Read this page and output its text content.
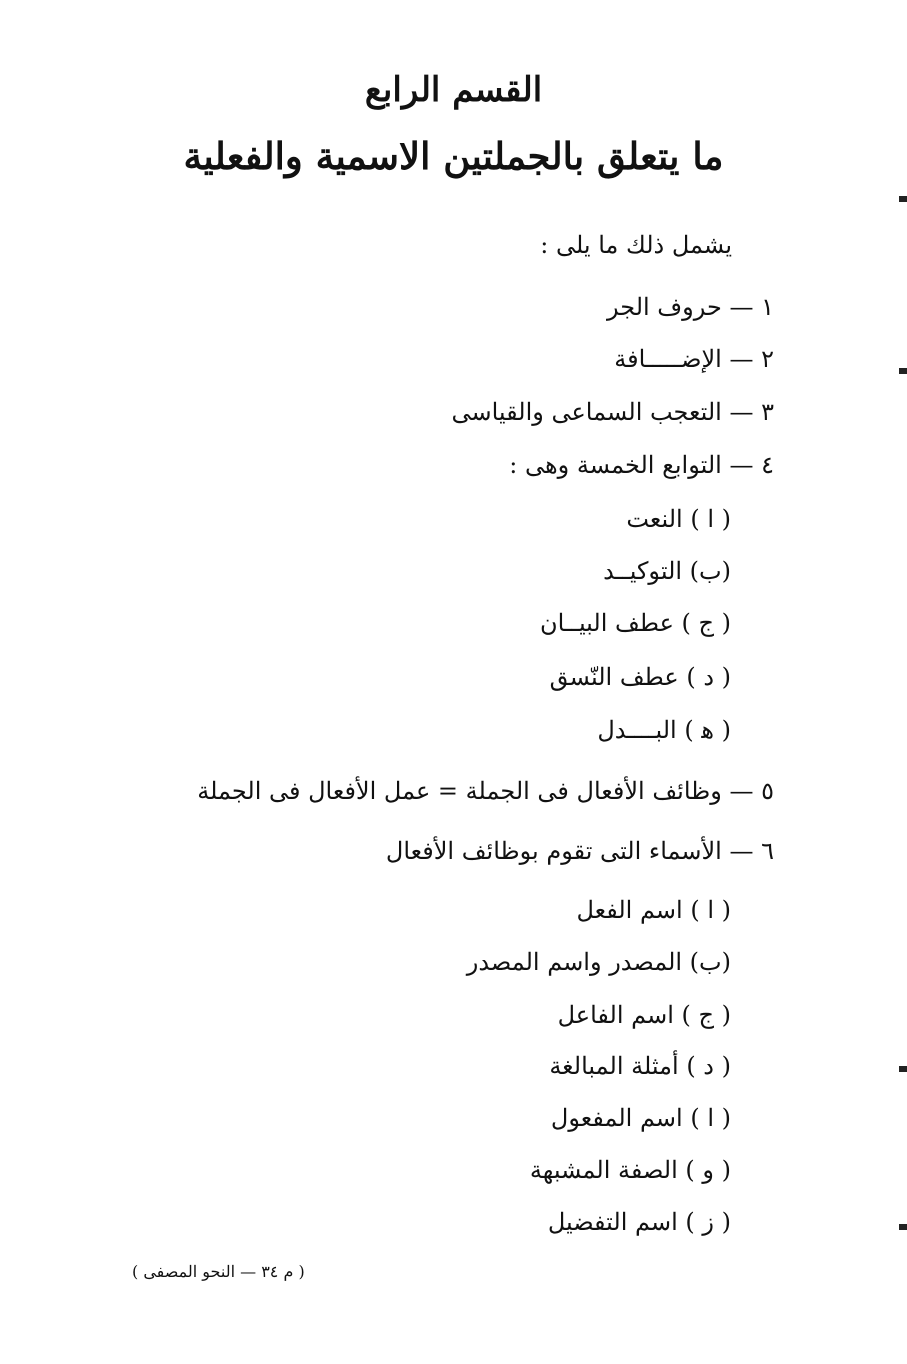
القسم الرابع
ما يتعلق بالجملتين الاسمية والفعلية
يشمل ذلك ما يلى :
١ — حروف الجر
٢ — الإضـــــافة
٣ — التعجب السماعى والقياسى
٤ — التوابع الخمسة وهى :
( ا ) النعت
(ب) التوكيــد
( ج ) عطف البيــان
( د ) عطف النّسق
( ﻫ ) البــــدل
٥ — وظائف الأفعال فى الجملة = عمل الأفعال فى الجملة
٦ — الأسماء التى تقوم بوظائف الأفعال
( ا ) اسم الفعل
(ب) المصدر واسم المصدر
( ج ) اسم الفاعل
( د ) أمثلة المبالغة
( ا ) اسم المفعول
( و ) الصفة المشبهة
( ز ) اسم التفضيل
( م ٣٤ — النحو المصفى )
